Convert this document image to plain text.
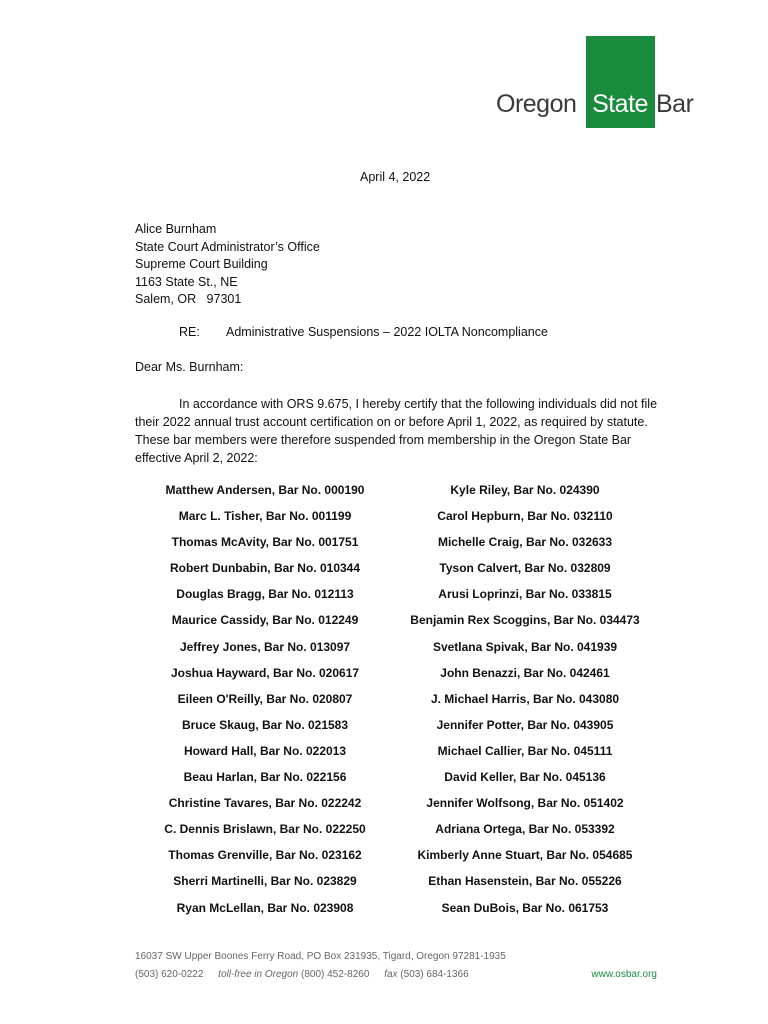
Oregon State Bar
April 4, 2022
Alice Burnham
State Court Administrator’s Office
Supreme Court Building
1163 State St., NE
Salem, OR   97301
RE: Administrative Suspensions – 2022 IOLTA Noncompliance
Dear Ms. Burnham:
In accordance with ORS 9.675, I hereby certify that the following individuals did not file their 2022 annual trust account certification on or before April 1, 2022, as required by statute. These bar members were therefore suspended from membership in the Oregon State Bar effective April 2, 2022:
Matthew Andersen, Bar No. 000190
Marc L. Tisher, Bar No. 001199
Thomas McAvity, Bar No. 001751
Robert Dunbabin, Bar No. 010344
Douglas Bragg, Bar No. 012113
Maurice Cassidy, Bar No. 012249
Jeffrey Jones, Bar No. 013097
Joshua Hayward, Bar No. 020617
Eileen O'Reilly, Bar No. 020807
Bruce Skaug, Bar No. 021583
Howard Hall, Bar No. 022013
Beau Harlan, Bar No. 022156
Christine Tavares, Bar No. 022242
C. Dennis Brislawn, Bar No. 022250
Thomas Grenville, Bar No. 023162
Sherri Martinelli, Bar No. 023829
Ryan McLellan, Bar No. 023908
Kyle Riley, Bar No. 024390
Carol Hepburn, Bar No. 032110
Michelle Craig, Bar No. 032633
Tyson Calvert, Bar No. 032809
Arusi Loprinzi, Bar No. 033815
Benjamin Rex Scoggins, Bar No. 034473
Svetlana Spivak, Bar No. 041939
John Benazzi, Bar No. 042461
J. Michael Harris, Bar No. 043080
Jennifer Potter, Bar No. 043905
Michael Callier, Bar No. 045111
David Keller, Bar No. 045136
Jennifer Wolfsong, Bar No. 051402
Adriana Ortega, Bar No. 053392
Kimberly Anne Stuart, Bar No. 054685
Ethan Hasenstein, Bar No. 055226
Sean DuBois, Bar No. 061753
16037 SW Upper Boones Ferry Road, PO Box 231935, Tigard, Oregon 97281-1935
(503) 620-0222 toll-free in Oregon (800) 452-8260 fax (503) 684-1366	www.osbar.org
